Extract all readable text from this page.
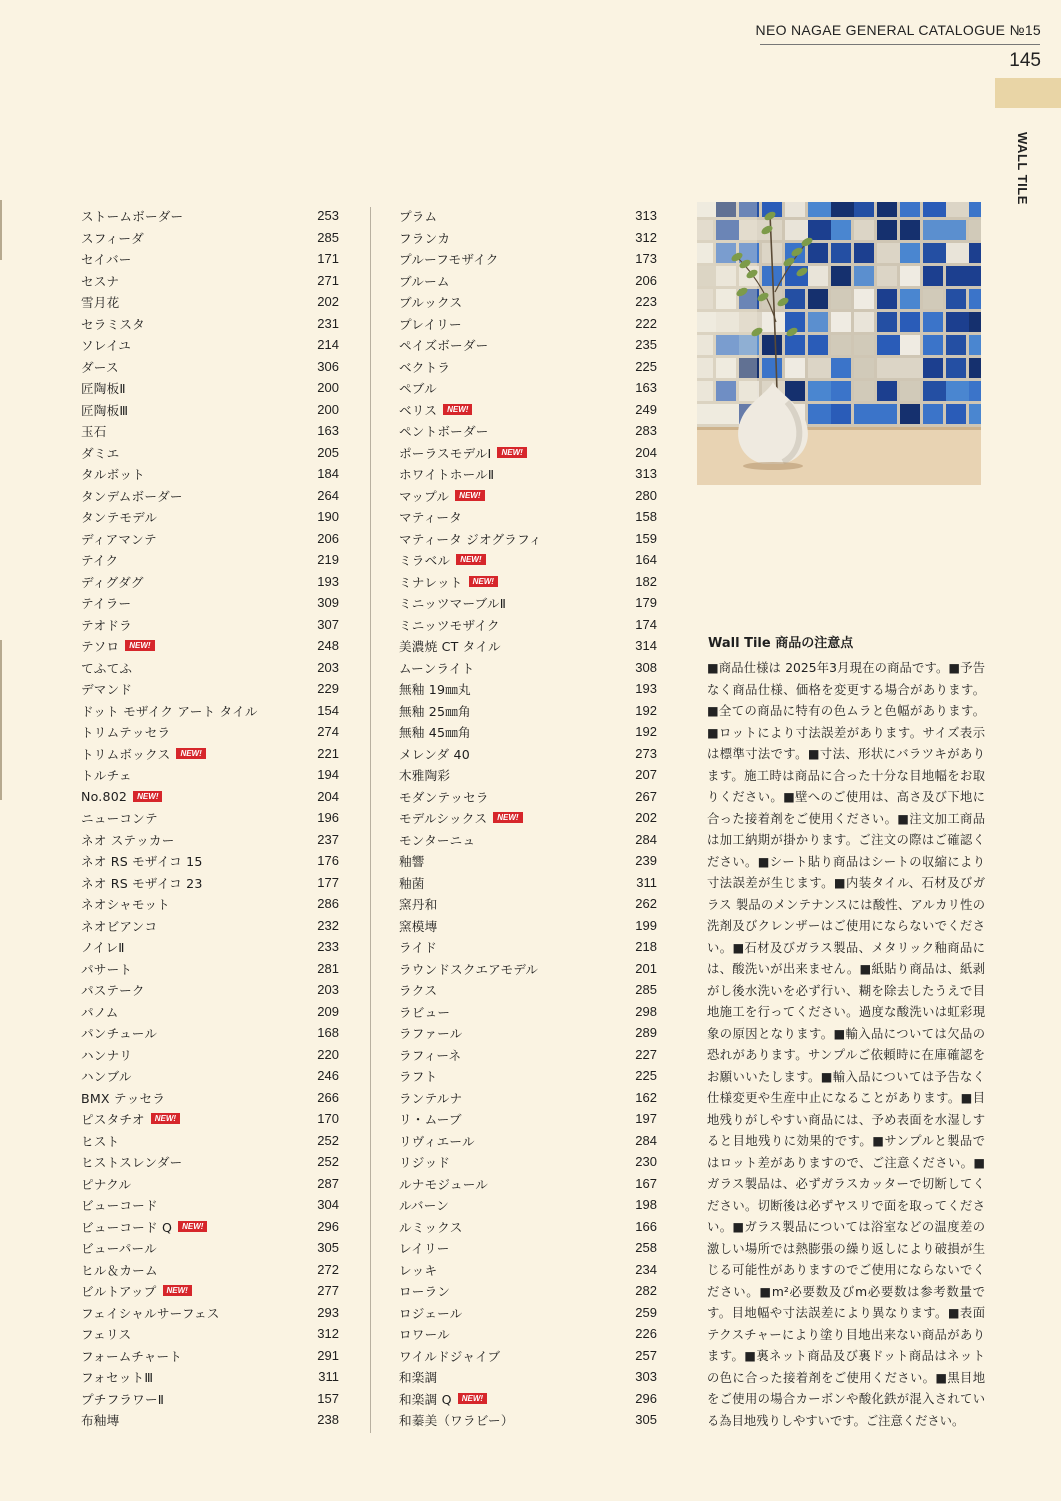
NEO NAGAE GENERAL CATALOGUE №15
145
WALL TILE
ストームボーダー	253
スフィーダ	285
セイバー	171
セスナ	271
雪月花	202
セラミスタ	231
ソレイユ	214
ダース	306
匠陶板Ⅱ	200
匠陶板Ⅲ	200
玉石	163
ダミエ	205
タルボット	184
タンデムボーダー	264
タンテモデル	190
ディアマンテ	206
テイク	219
ディグダグ	193
テイラー	309
テオドラ	307
テソロ	NEW!	248
てふてふ	203
デマンド	229
ドット モザイク アート タイル	154
トリムテッセラ	274
トリムボックス	NEW!	221
トルチェ	194
No.802	NEW!	204
ニューコンテ	196
ネオ ステッカー	237
ネオ RS モザイコ 15	176
ネオ RS モザイコ 23	177
ネオシャモット	286
ネオビアンコ	232
ノイレⅡ	233
パサート	281
パステーク	203
パノム	209
パンチュール	168
ハンナリ	220
ハンブル	246
BMX テッセラ	266
ピスタチオ	NEW!	170
ヒスト	252
ヒストスレンダー	252
ピナクル	287
ビューコード	304
ビューコード Q	NEW!	296
ビューパール	305
ヒル＆カーム	272
ビルトアップ	NEW!	277
フェイシャルサーフェス	293
フェリス	312
フォームチャート	291
フォセットⅢ	311
プチフラワーⅡ	157
布釉塼	238
プラム	313
フランカ	312
プルーフモザイク	173
ブルーム	206
ブルックス	223
プレイリー	222
ペイズボーダー	235
ベクトラ	225
ペブル	163
ベリス	NEW!	249
ペントボーダー	283
ポーラスモデルⅠ	NEW!	204
ホワイトホールⅡ	313
マップル	NEW!	280
マティータ	158
マティータ ジオグラフィ	159
ミラベル	NEW!	164
ミナレット	NEW!	182
ミニッツマーブルⅡ	179
ミニッツモザイク	174
美濃焼 CT タイル	314
ムーンライト	308
無釉 19㎜丸	193
無釉 25㎜角	192
無釉 45㎜角	192
メレンダ 40	273
木雅陶彩	207
モダンテッセラ	267
モデルシックス	NEW!	202
モンターニュ	284
釉響	239
釉菌	311
窯丹和	262
窯模塼	199
ライド	218
ラウンドスクエアモデル	201
ラクス	285
ラビュー	298
ラファール	289
ラフィーネ	227
ラフト	225
ランテルナ	162
リ・ムーブ	197
リヴィエール	284
リジッド	230
ルナモジュール	167
ルバーン	198
ルミックス	166
レイリー	258
レッキ	234
ローラン	282
ロジェール	259
ロワール	226
ワイルドジャイブ	257
和楽調	303
和楽調 Q	NEW!	296
和蓁美（ワラビー）	305
Wall Tile 商品の注意点
■商品仕様は 2025年3月現在の商品です。■予告なく商品仕様、価格を変更する場合があります。■全ての商品に特有の色ムラと色幅があります。■ロットにより寸法誤差があります。サイズ表示は標準寸法です。■寸法、形状にバラツキがあります。施工時は商品に合った十分な目地幅をお取りください。■壁へのご使用は、高さ及び下地に合った接着剤をご使用ください。■注文加工商品は加工納期が掛かります。ご注文の際はご確認ください。■シート貼り商品はシートの収縮により寸法誤差が生じます。■内装タイル、石材及びガラス 製品のメンテナンスには酸性、アルカリ性の洗剤及びクレンザーはご使用にならないでください。■石材及びガラス製品、メタリック釉商品には、酸洗いが出来ません。■紙貼り商品は、紙剥がし後水洗いを必ず行い、糊を除去したうえで目地施工を行ってください。過度な酸洗いは虹彩現象の原因となります。■輸入品については欠品の恐れがあります。サンプルご依頼時に在庫確認をお願いいたします。■輸入品については予告なく仕様変更や生産中止になることがあります。■目地残りがしやすい商品には、予め表面を水湿しすると目地残りに効果的です。■サンプルと製品ではロット差がありますので、ご注意ください。■ガラス製品は、必ずガラスカッターで切断してください。切断後は必ずヤスリで面を取ってください。■ガラス製品については浴室などの温度差の激しい場所では熱膨張の繰り返しにより破損が生じる可能性がありますのでご使用にならないでください。■m²必要数及びm必要数は参考数量です。目地幅や寸法誤差により異なります。■表面テクスチャーにより塗り目地出来ない商品があります。■裏ネット商品及び裏ドット商品はネットの色に合った接着剤をご使用ください。■黒目地をご使用の場合カーボンや酸化鉄が混入されている為目地残りしやすいです。ご注意ください。
